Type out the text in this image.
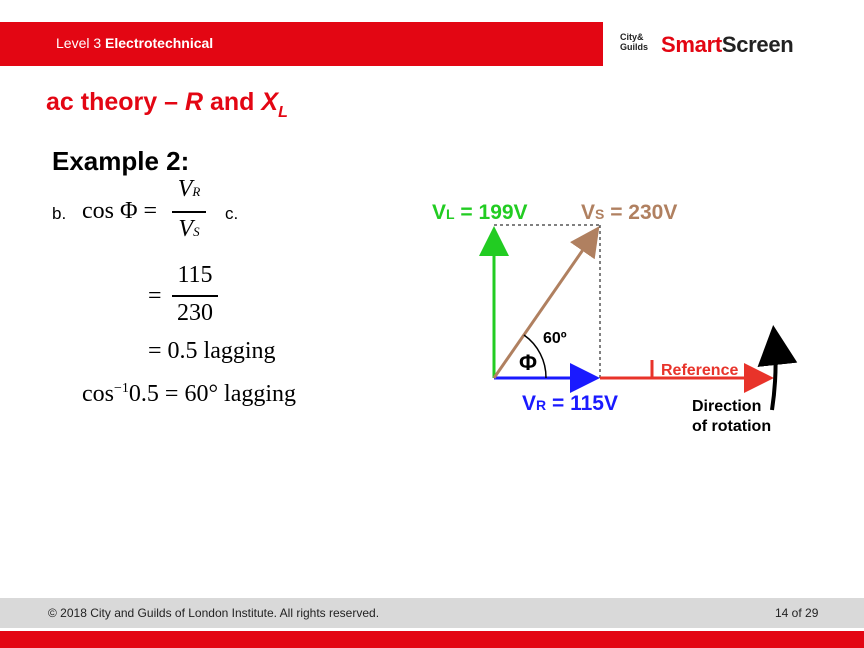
Level 3 Electrotechnical	City&
Guilds SmartScreen
ac theory – R and $X_L$
Example 2:
b. cos Φ =
VR
VS
c.
=
115
230
= 0.5 lagging
$\cos^{-1}0.5 = 60^\circ$ lagging
VL = 199V	VS = 230V
VR = 115V
60º
Φ	Reference
Direction
of rotation
© 2018 City and Guilds of London Institute. All rights reserved.	14 of 29
